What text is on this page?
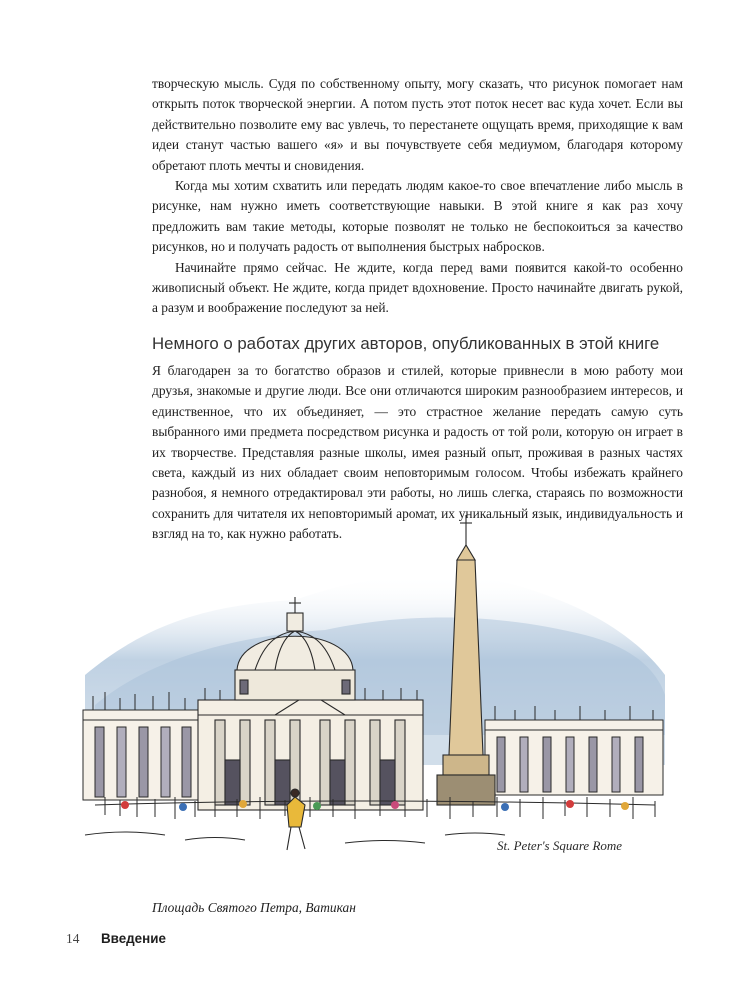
творческую мысль. Судя по собственному опыту, могу сказать, что рисунок помогает нам открыть поток творческой энергии. А потом пусть этот поток несет вас куда хочет. Если вы действительно позволите ему вас увлечь, то перестанете ощущать время, приходящие к вам идеи станут частью вашего «я» и вы почувствуете себя медиумом, благодаря которому обретают плоть мечты и сновидения.

Когда мы хотим схватить или передать людям какое-то свое впечатление либо мысль в рисунке, нам нужно иметь соответствующие навыки. В этой книге я как раз хочу предложить вам такие методы, которые позволят не только не беспокоиться за качество рисунков, но и получать радость от выполнения быстрых набросков.

Начинайте прямо сейчас. Не ждите, когда перед вами появится какой-то особенно живописный объект. Не ждите, когда придет вдохновение. Просто начинайте двигать рукой, а разум и воображение последуют за ней.

Немного о работах других авторов, опубликованных в этой книге

Я благодарен за то богатство образов и стилей, которые привнесли в мою работу мои друзья, знакомые и другие люди. Все они отличаются широким разнообразием интересов, и единственное, что их объединяет, — это страстное желание передать самую суть выбранного ими предмета посредством рисунка и радость от той роли, которую он играет в их творчестве. Представляя разные школы, имея разный опыт, проживая в разных частях света, каждый из них обладает своим неповторимым голосом. Чтобы избежать крайнего разнобоя, я немного отредактировал эти работы, но лишь слегка, стараясь по возможности сохранить для читателя их неповторимый аромат, их уникальный язык, индивидуальность и взгляд на то, как нужно работать.

St. Peter's Square Rome
Площадь Святого Петра, Ватикан
14 Введение
